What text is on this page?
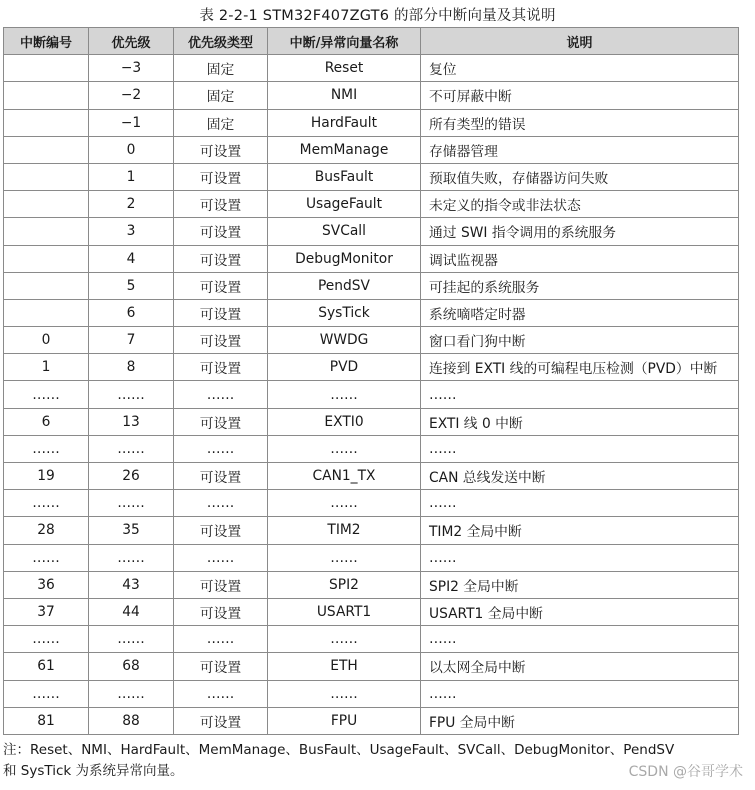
表 2-2-1 STM32F407ZGT6 的部分中断向量及其说明
中断编号	优先级	优先级类型	中断/异常向量名称	说明
	−3	固定	Reset	复位
	−2	固定	NMI	不可屏蔽中断
	−1	固定	HardFault	所有类型的错误
	0	可设置	MemManage	存储器管理
	1	可设置	BusFault	预取值失败，存储器访问失败
	2	可设置	UsageFault	未定义的指令或非法状态
	3	可设置	SVCall	通过 SWI 指令调用的系统服务
	4	可设置	DebugMonitor	调试监视器
	5	可设置	PendSV	可挂起的系统服务
	6	可设置	SysTick	系统嘀嗒定时器
0	7	可设置	WWDG	窗口看门狗中断
1	8	可设置	PVD	连接到 EXTI 线的可编程电压检测（PVD）中断
……	……	……	……	……
6	13	可设置	EXTI0	EXTI 线 0 中断
……	……	……	……	……
19	26	可设置	CAN1_TX	CAN 总线发送中断
……	……	……	……	……
28	35	可设置	TIM2	TIM2 全局中断
……	……	……	……	……
36	43	可设置	SPI2	SPI2 全局中断
37	44	可设置	USART1	USART1 全局中断
……	……	……	……	……
61	68	可设置	ETH	以太网全局中断
……	……	……	……	……
81	88	可设置	FPU	FPU 全局中断
注：Reset、NMI、HardFault、MemManage、BusFault、UsageFault、SVCall、DebugMonitor、PendSV
和 SysTick 为系统异常向量。	CSDN @谷哥学术
